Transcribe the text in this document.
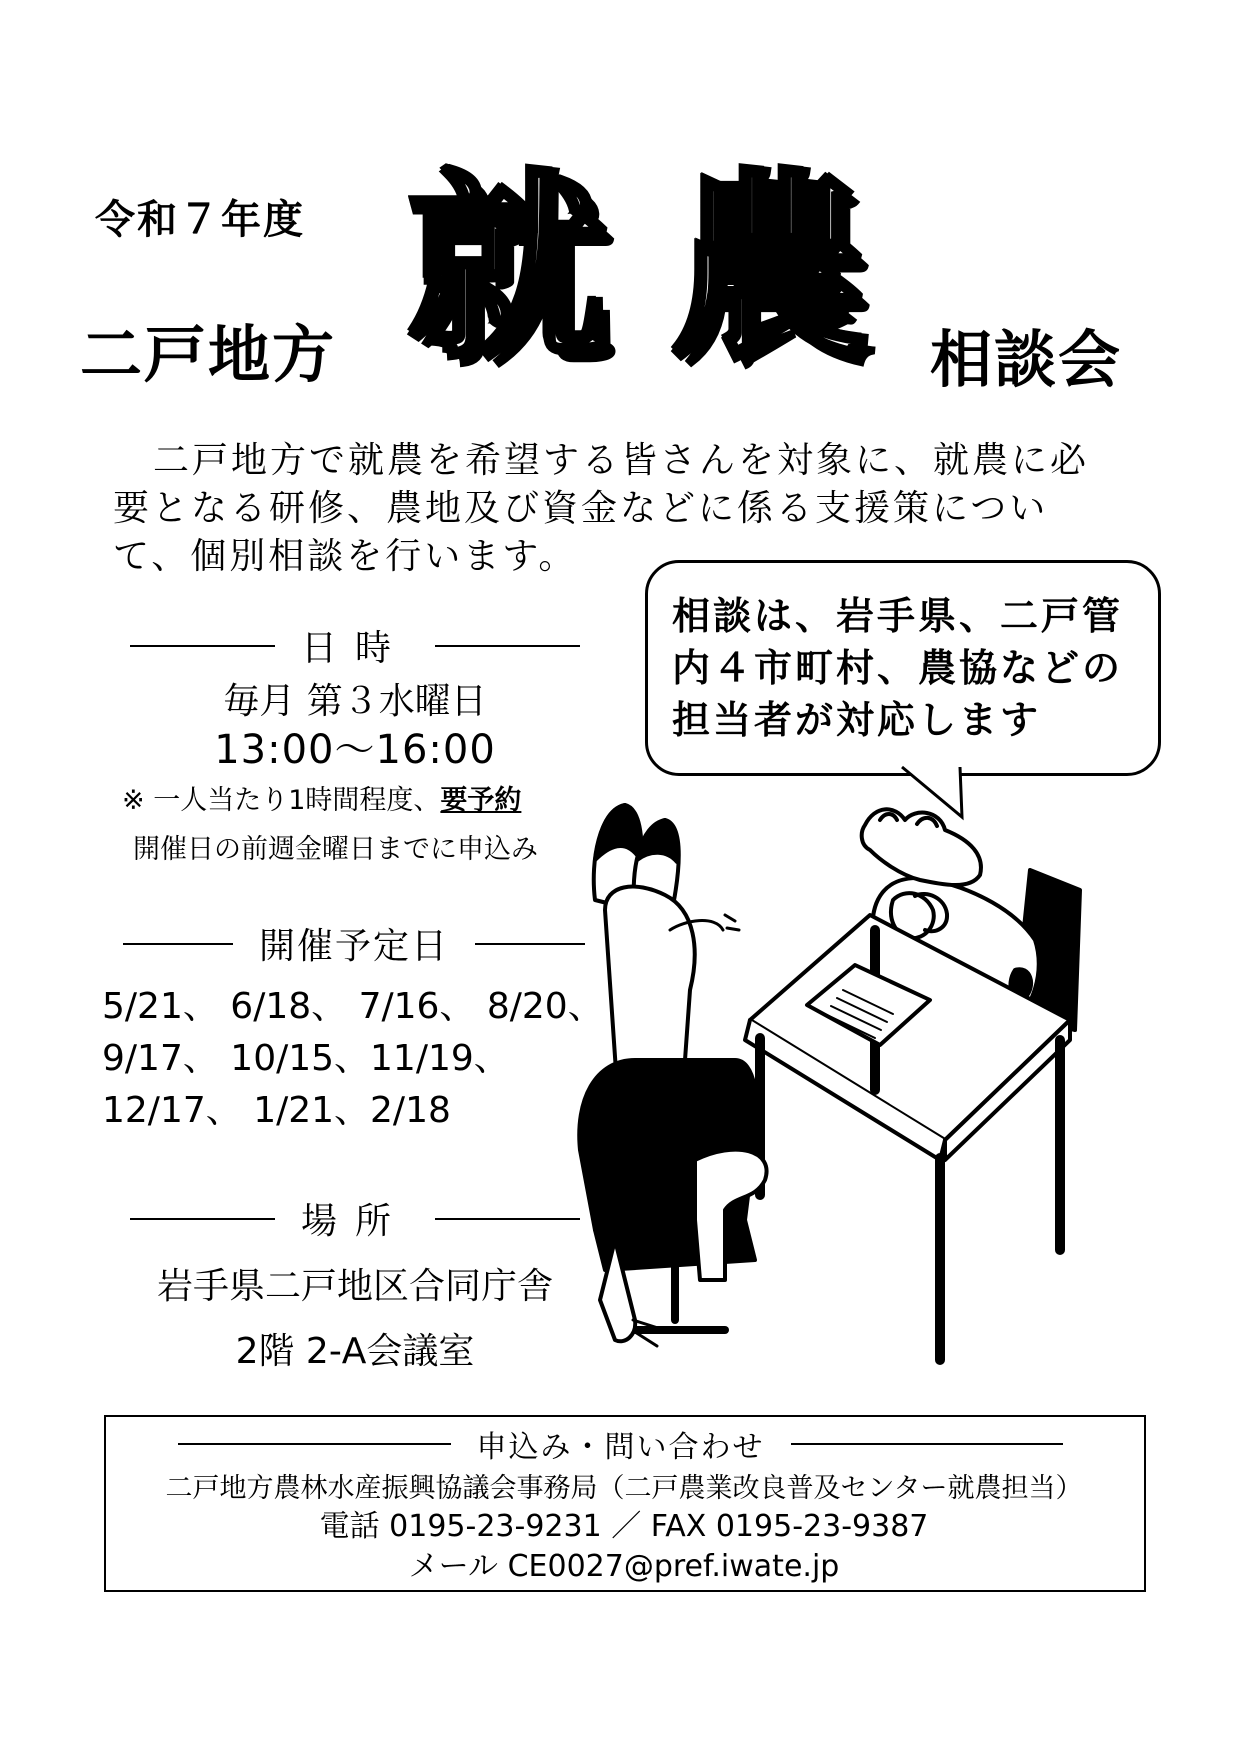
令和７年度
二戸地方 就 農 相談会

二戸地方で就農を希望する皆さんを対象に、就農に必要となる研修、農地及び資金などに係る支援策について、個別相談を行います。

日時
毎月 第３水曜日
13:00～16:00
※ 一人当たり1時間程度、要予約
開催日の前週金曜日までに申込み
開催予定日
5/21、 6/18、 7/16、 8/20、
9/17、 10/15、11/19、
12/17、 1/21、2/18
場所
岩手県二戸地区合同庁舎
2階 2-A会議室
相談は、岩手県、二戸管
内４市町村、農協などの
担当者が対応します
申込み・問い合わせ
二戸地方農林水産振興協議会事務局（二戸農業改良普及センター就農担当）
電話 0195-23-9231 ／ FAX 0195-23-9387
メール CE0027@pref.iwate.jp
